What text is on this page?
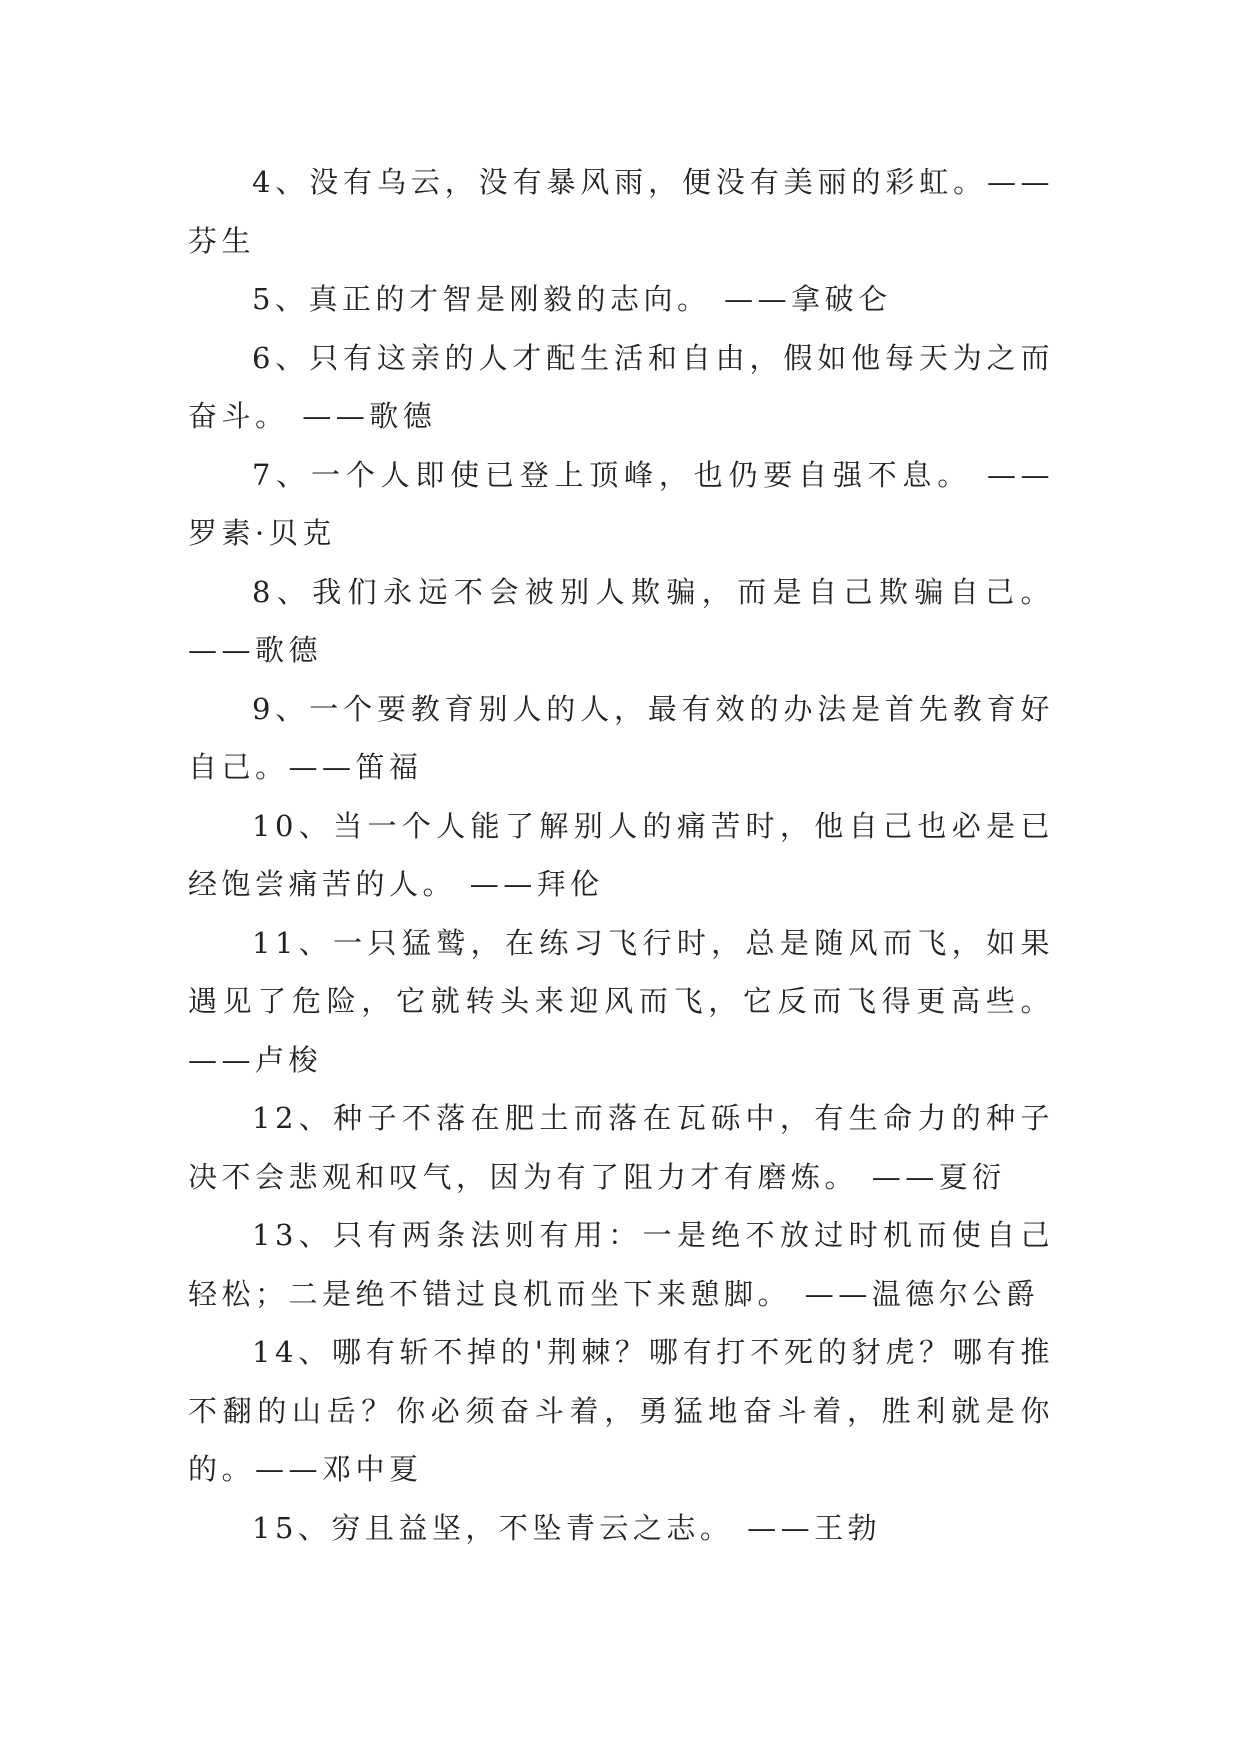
4、没有乌云，没有暴风雨，便没有美丽的彩虹。——芬生

5、真正的才智是刚毅的志向。 ——拿破仑

6、只有这亲的人才配生活和自由，假如他每天为之而奋斗。 ——歌德

7、一个人即使已登上顶峰，也仍要自强不息。 ——罗素·贝克

8、我们永远不会被别人欺骗，而是自己欺骗自己。——歌德

9、一个要教育别人的人，最有效的办法是首先教育好自己。——笛福

10、当一个人能了解别人的痛苦时，他自己也必是已经饱尝痛苦的人。 ——拜伦

11、一只猛鹫，在练习飞行时，总是随风而飞，如果遇见了危险，它就转头来迎风而飞，它反而飞得更高些。 ——卢梭

12、种子不落在肥土而落在瓦砾中，有生命力的种子决不会悲观和叹气，因为有了阻力才有磨炼。 ——夏衍

13、只有两条法则有用：一是绝不放过时机而使自己轻松；二是绝不错过良机而坐下来憩脚。 ——温德尔公爵

14、哪有斩不掉的'荆棘？哪有打不死的豺虎？哪有推不翻的山岳？你必须奋斗着，勇猛地奋斗着，胜利就是你的。——邓中夏

15、穷且益坚，不坠青云之志。 ——王勃
